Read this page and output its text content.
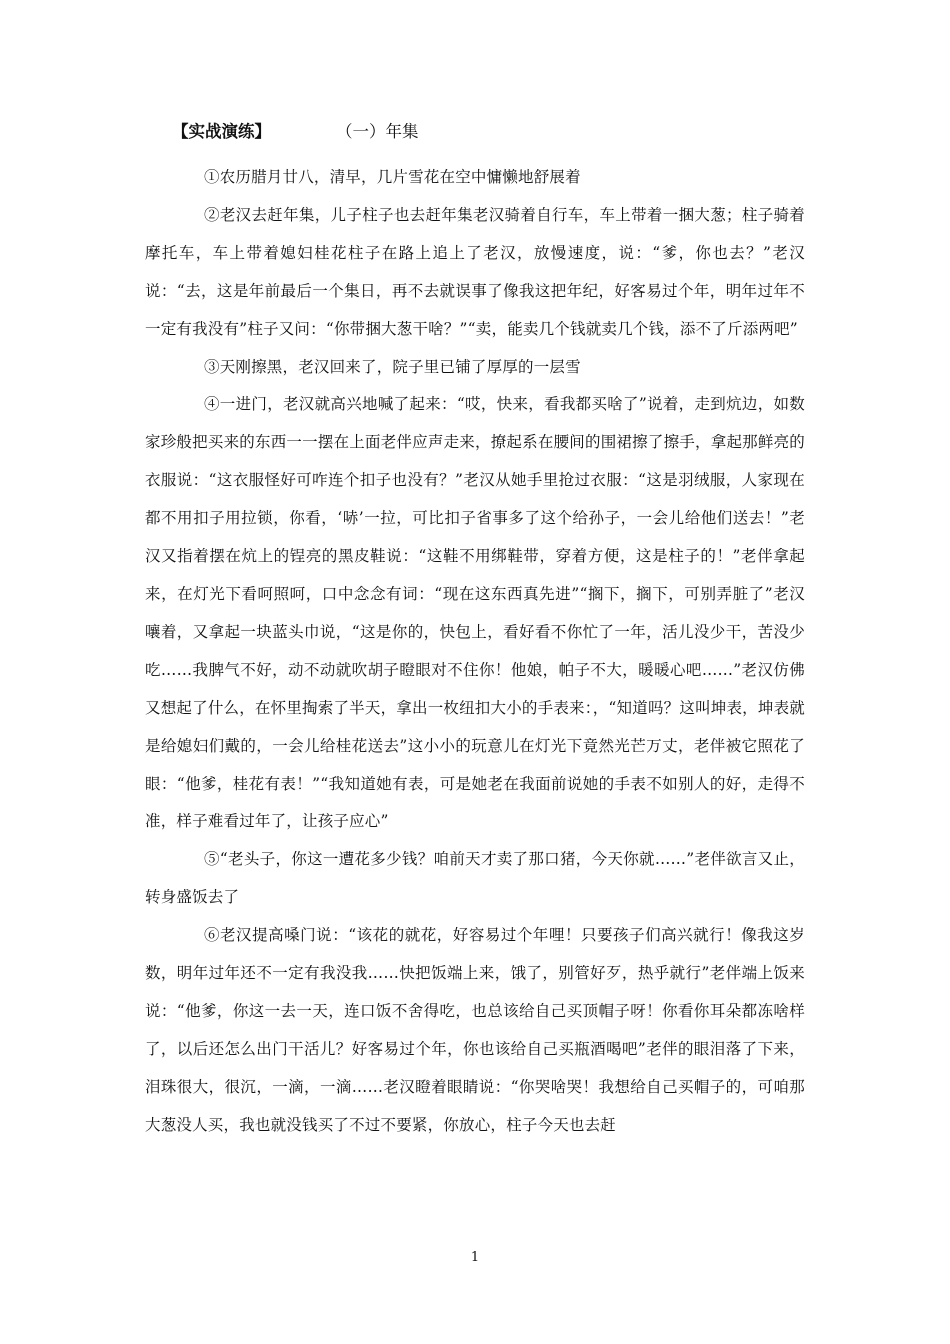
【实战演练】	（一）年集

①农历腊月廿八，清早，几片雪花在空中慵懒地舒展着

②老汉去赶年集，儿子柱子也去赶年集老汉骑着自行车，车上带着一捆大葱；柱子骑着摩托车，车上带着媳妇桂花柱子在路上追上了老汉，放慢速度，说：“爹，你也去？”老汉说：“去，这是年前最后一个集日，再不去就误事了像我这把年纪，好客易过个年，明年过年不一定有我没有”柱子又问：“你带捆大葱干啥？”“卖，能卖几个钱就卖几个钱，添不了斤添两吧”

③天刚擦黑，老汉回来了，院子里已铺了厚厚的一层雪

④一进门，老汉就高兴地喊了起来：“哎，快来，看我都买啥了”说着，走到炕边，如数家珍般把买来的东西一一摆在上面老伴应声走来，撩起系在腰间的围裙擦了擦手，拿起那鲜亮的衣服说：“这衣服怪好可咋连个扣子也没有？”老汉从她手里抢过衣服：“这是羽绒服，人家现在都不用扣子用拉锁，你看，‘哧’一拉，可比扣子省事多了这个给孙子，一会儿给他们送去！”老汉又指着摆在炕上的锃亮的黑皮鞋说：“这鞋不用绑鞋带，穿着方便，这是柱子的！”老伴拿起来，在灯光下看呵照呵，口中念念有词：“现在这东西真先进”“搁下，搁下，可别弄脏了”老汉嚷着，又拿起一块蓝头巾说，“这是你的，快包上，看好看不你忙了一年，活儿没少干，苦没少吃……我脾气不好，动不动就吹胡子瞪眼对不住你！他娘，帕子不大，暖暖心吧……”老汉仿佛又想起了什么，在怀里掏索了半天，拿出一枚纽扣大小的手表来：，“知道吗？这叫坤表，坤表就是给媳妇们戴的，一会儿给桂花送去”这小小的玩意儿在灯光下竟然光芒万丈，老伴被它照花了眼：“他爹，桂花有表！”“我知道她有表，可是她老在我面前说她的手表不如别人的好，走得不准，样子难看过年了，让孩子应心”

⑤“老头子，你这一遭花多少钱？咱前天才卖了那口猪，今天你就……”老伴欲言又止，转身盛饭去了

⑥老汉提高嗓门说：“该花的就花，好容易过个年哩！只要孩子们高兴就行！像我这岁数，明年过年还不一定有我没我……快把饭端上来，饿了，别管好歹，热乎就行”老伴端上饭来说：“他爹，你这一去一天，连口饭不舍得吃，也总该给自己买顶帽子呀！你看你耳朵都冻啥样了，以后还怎么出门干活儿？好客易过个年，你也该给自己买瓶酒喝吧”老伴的眼泪落了下来，泪珠很大，很沉，一滴，一滴……老汉瞪着眼睛说：“你哭啥哭！我想给自己买帽子的，可咱那大葱没人买，我也就没钱买了不过不要紧，你放心，柱子今天也去赶

1
